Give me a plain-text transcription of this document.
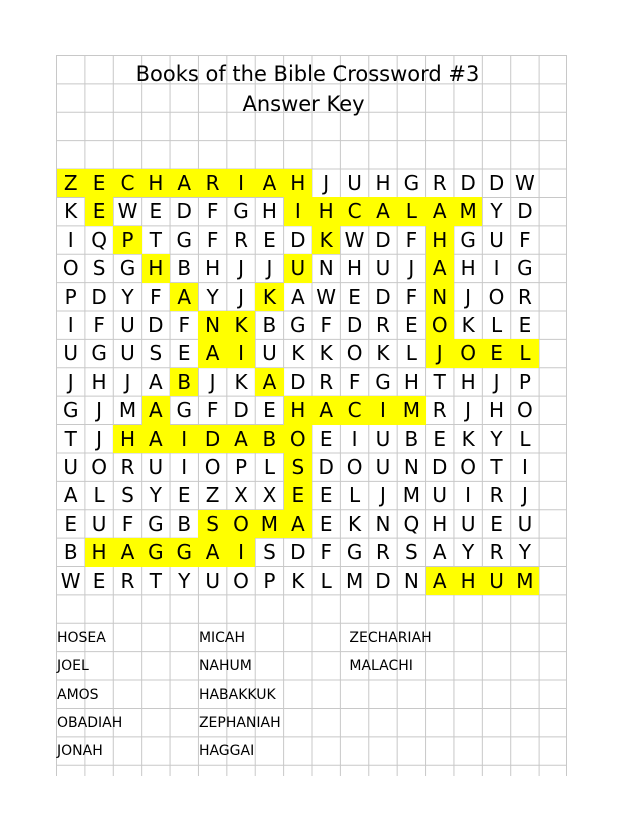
Books of the Bible Crossword #3
Answer Key
Z E C H A R I A H J U H G R D D W
K E W E D F G H I H C A L A M Y D
I Q P T G F R E D K W D F H G U F
O S G H B H J	J U N H U J A H I G
P D Y F A Y J K A W E D F N J O R
I F U D F N K B G F D R E O K L E
U G U S E A I U K K O K L J O E L
J H J A B J K A D R F G H T H J P
G J M A G F D E H A C I M R J H O
T J H A I D A B O E I U B E K Y L
U O R U I O P L S D O U N D O T I
A L S Y E Z X X E E L J M U I R J
E U F G B S O M A E K N Q H U E U
B H A G G A I S D F G R S A Y R Y
W E R T Y U O P K L M D N A H U M
HOSEA	MICAH	ZECHARIAH
JOEL	NAHUM	MALACHI
AMOS	HABAKKUK
OBADIAH	ZEPHANIAH
JONAH	HAGGAI
